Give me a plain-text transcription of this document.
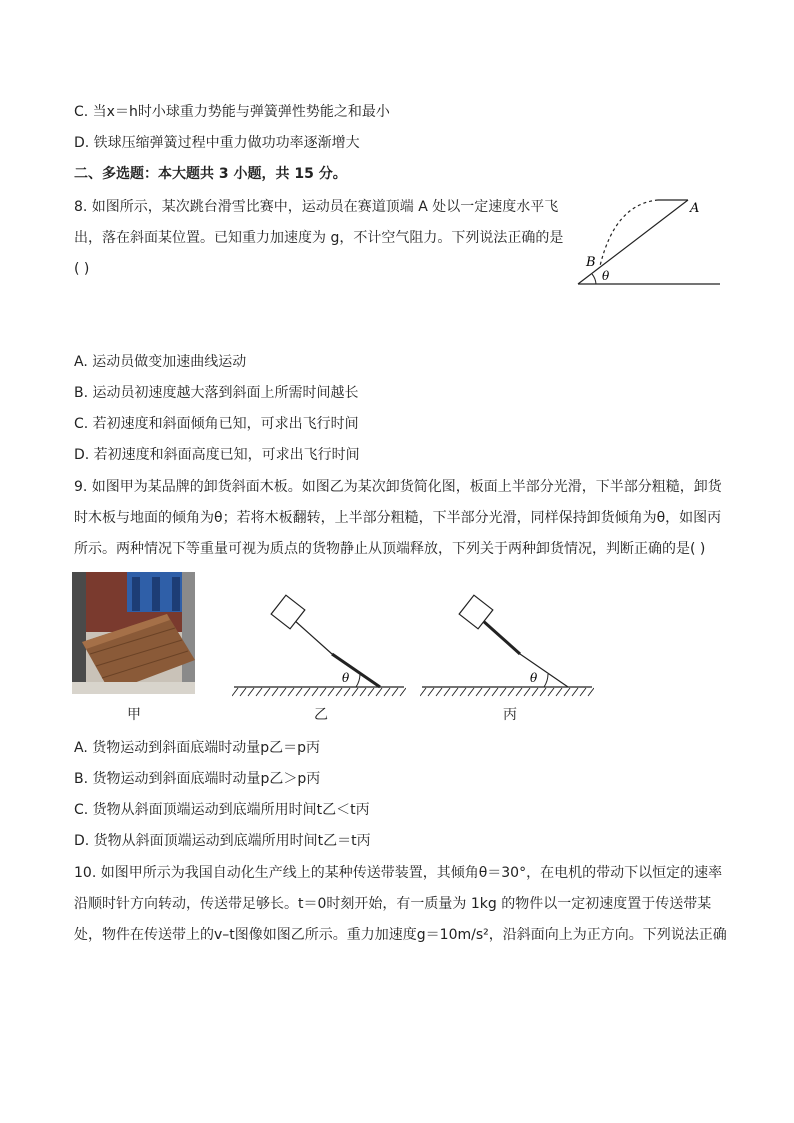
C. 当x＝h时小球重力势能与弹簧弹性势能之和最小
D. 铁球压缩弹簧过程中重力做功功率逐渐增大
二、多选题：本大题共 3 小题，共 15 分。
8. 如图所示，某次跳台滑雪比赛中，运动员在赛道顶端 A 处以一定速度水平飞
出，落在斜面某位置。已知重力加速度为 g，不计空气阻力。下列说法正确的是
( )
A
B
θ
A. 运动员做变加速曲线运动
B. 运动员初速度越大落到斜面上所需时间越长
C. 若初速度和斜面倾角已知，可求出飞行时间
D. 若初速度和斜面高度已知，可求出飞行时间
9. 如图甲为某品牌的卸货斜面木板。如图乙为某次卸货简化图，板面上半部分光滑，下半部分粗糙，卸货
时木板与地面的倾角为θ；若将木板翻转，上半部分粗糙，下半部分光滑，同样保持卸货倾角为θ，如图丙
所示。两种情况下等重量可视为质点的货物静止从顶端释放，下列关于两种卸货情况，判断正确的是( )
甲
θ
乙
θ
丙
A. 货物运动到斜面底端时动量p乙＝p丙
B. 货物运动到斜面底端时动量p乙＞p丙
C. 货物从斜面顶端运动到底端所用时间t乙＜t丙
D. 货物从斜面顶端运动到底端所用时间t乙＝t丙
10. 如图甲所示为我国自动化生产线上的某种传送带装置，其倾角θ＝30°，在电机的带动下以恒定的速率
沿顺时针方向转动，传送带足够长。t＝0时刻开始，有一质量为 1kg 的物件以一定初速度置于传送带某
处，物件在传送带上的v–t图像如图乙所示。重力加速度g＝10m/s²，沿斜面向上为正方向。下列说法正确
